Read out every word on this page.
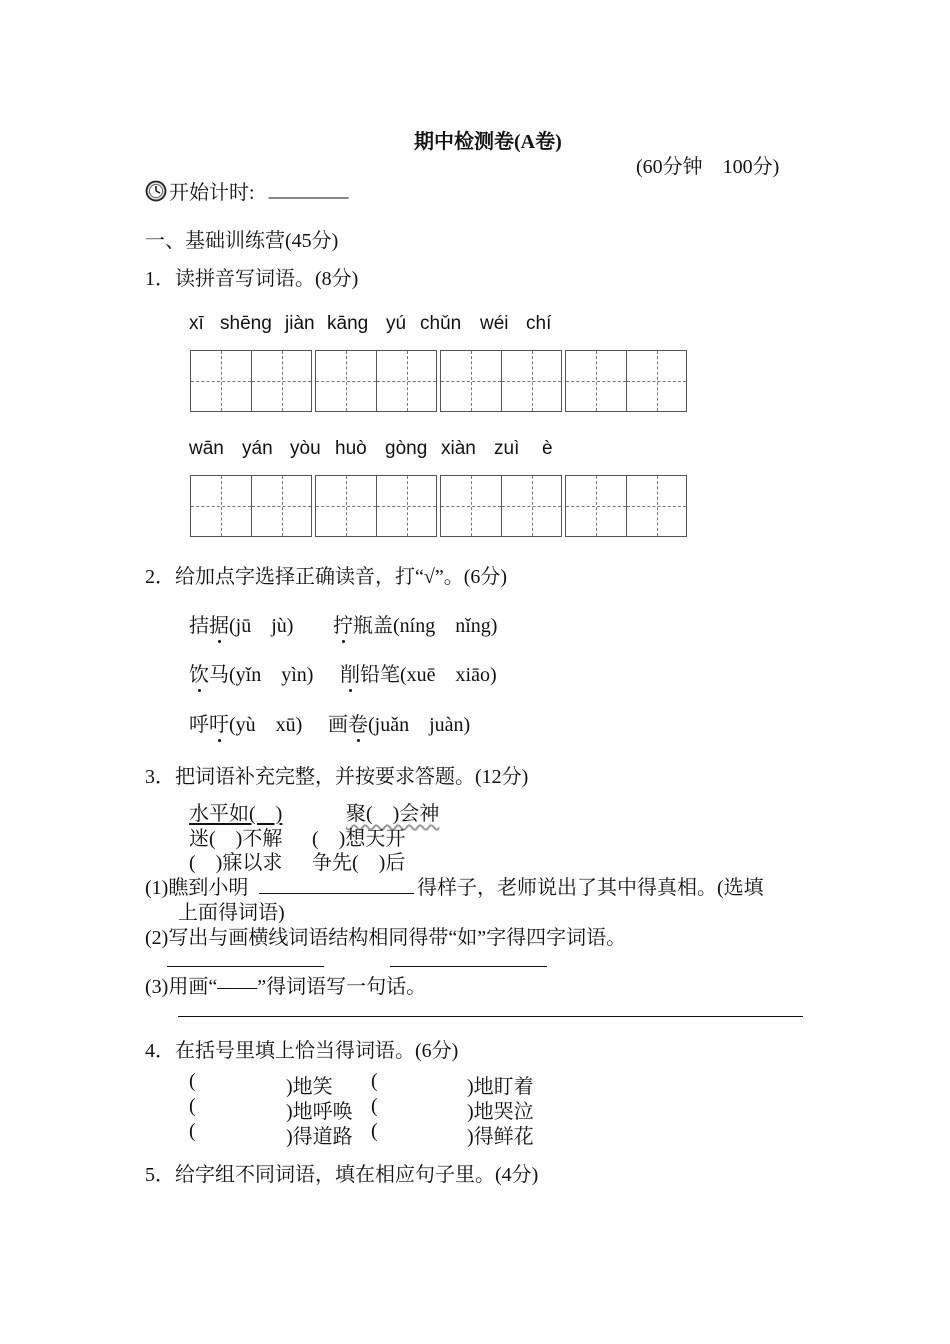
期中检测卷(A卷)
(60分钟　100分)
开始计时: ________
一、基础训练营(45分)
1．读拼音写词语。(8分)
xī shēng jiàn kāng yú chǔn wéi chí
wān yán yòu huò gòng xiàn zuì è
2．给加点字选择正确读音，打“√”。(6分)
拮据(jū　jù) 拧瓶盖(níng　nǐng)
饮马(yǐn　yìn) 削铅笔(xuē　xiāo)
呼吁(yù　xū) 画卷(juǎn　juàn)
3．把词语补充完整，并按要求答题。(12分)
水平如(　)	聚(　)会神
迷(　)不解 (　)想天开
(　)寐以求 争先(　)后
(1)瞧到小明	得样子，老师说出了其中得真相。(选填
上面得词语)
(2)写出与画横线词语结构相同得带“如”字得四字词语。
(3)用画“——”得词语写一句话。
4．在括号里填上恰当得词语。(6分)
(	)地笑 (	)地盯着
(	)地呼唤 (	)地哭泣
(	)得道路 (	)得鲜花
5．给字组不同词语，填在相应句子里。(4分)
